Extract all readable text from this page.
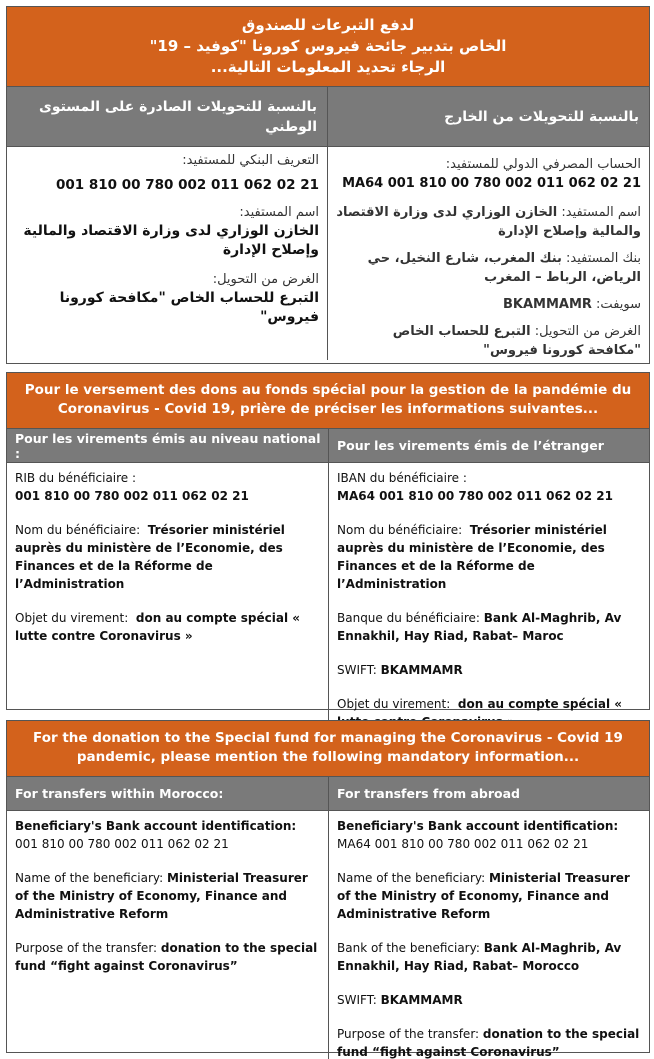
لدفع التبرعات للصندوق
الخاص بتدبير جائحة فيروس كورونا "كوفيد – 19"
الرجاء تحديد المعلومات التالية...
بالنسبة للتحويلات من الخارج
الحساب المصرفي الدولي للمستفيد:
MA64 001 810 00 780 002 011 062 02 21
اسم المستفيد: الخازن الوزاري لدى وزارة الاقتصاد والمالية وإصلاح الإدارة
بنك المستفيد: بنك المغرب، شارع النخيل، حي الرياض، الرباط – المغرب
سويفت: BKAMMAMR
الغرض من التحويل: التبرع للحساب الخاص "مكافحة كورونا فيروس"
بالنسبة للتحويلات الصادرة على المستوى الوطني
التعريف البنكي للمستفيد:
001 810 00 780 002 011 062 02 21
اسم المستفيد:
الخازن الوزاري لدى وزارة الاقتصاد والمالية وإصلاح الإدارة
الغرض من التحويل:
التبرع للحساب الخاص "مكافحة كورونا فيروس"
Pour le versement des dons au fonds spécial pour la gestion de la pandémie du Coronavirus - Covid 19, prière de préciser les informations suivantes...
Pour les virements émis au niveau national :
RIB du bénéficiaire :
001 810 00 780 002 011 062 02 21
Nom du bénéficiaire: Trésorier ministériel auprès du ministère de l’Economie, des Finances et de la Réforme de l’Administration
Objet du virement: don au compte spécial « lutte contre Coronavirus »
Pour les virements émis de l’étranger
IBAN du bénéficiaire :
MA64 001 810 00 780 002 011 062 02 21
Nom du bénéficiaire: Trésorier ministériel auprès du ministère de l’Economie, des Finances et de la Réforme de l’Administration
Banque du bénéficiaire: Bank Al-Maghrib, Av Ennakhil, Hay Riad, Rabat– Maroc
SWIFT: BKAMMAMR
Objet du virement: don au compte spécial «
For the donation to the Special fund for managing the Coronavirus - Covid 19 pandemic, please mention the following mandatory information...
For transfers within Morocco:
Beneficiary's Bank account identification:
001 810 00 780 002 011 062 02 21
Name of the beneficiary: Ministerial Treasurer of the Ministry of Economy, Finance and Administrative Reform
Purpose of the transfer: donation to the special fund “fight against Coronavirus”
For transfers from abroad
Beneficiary's Bank account identification:
MA64 001 810 00 780 002 011 062 02 21
Name of the beneficiary: Ministerial Treasurer of the Ministry of Economy, Finance and Administrative Reform
Bank of the beneficiary: Bank Al-Maghrib, Av Ennakhil, Hay Riad, Rabat– Morocco
SWIFT: BKAMMAMR
Purpose of the transfer: donation to the special fund “fight against Coronavirus”
